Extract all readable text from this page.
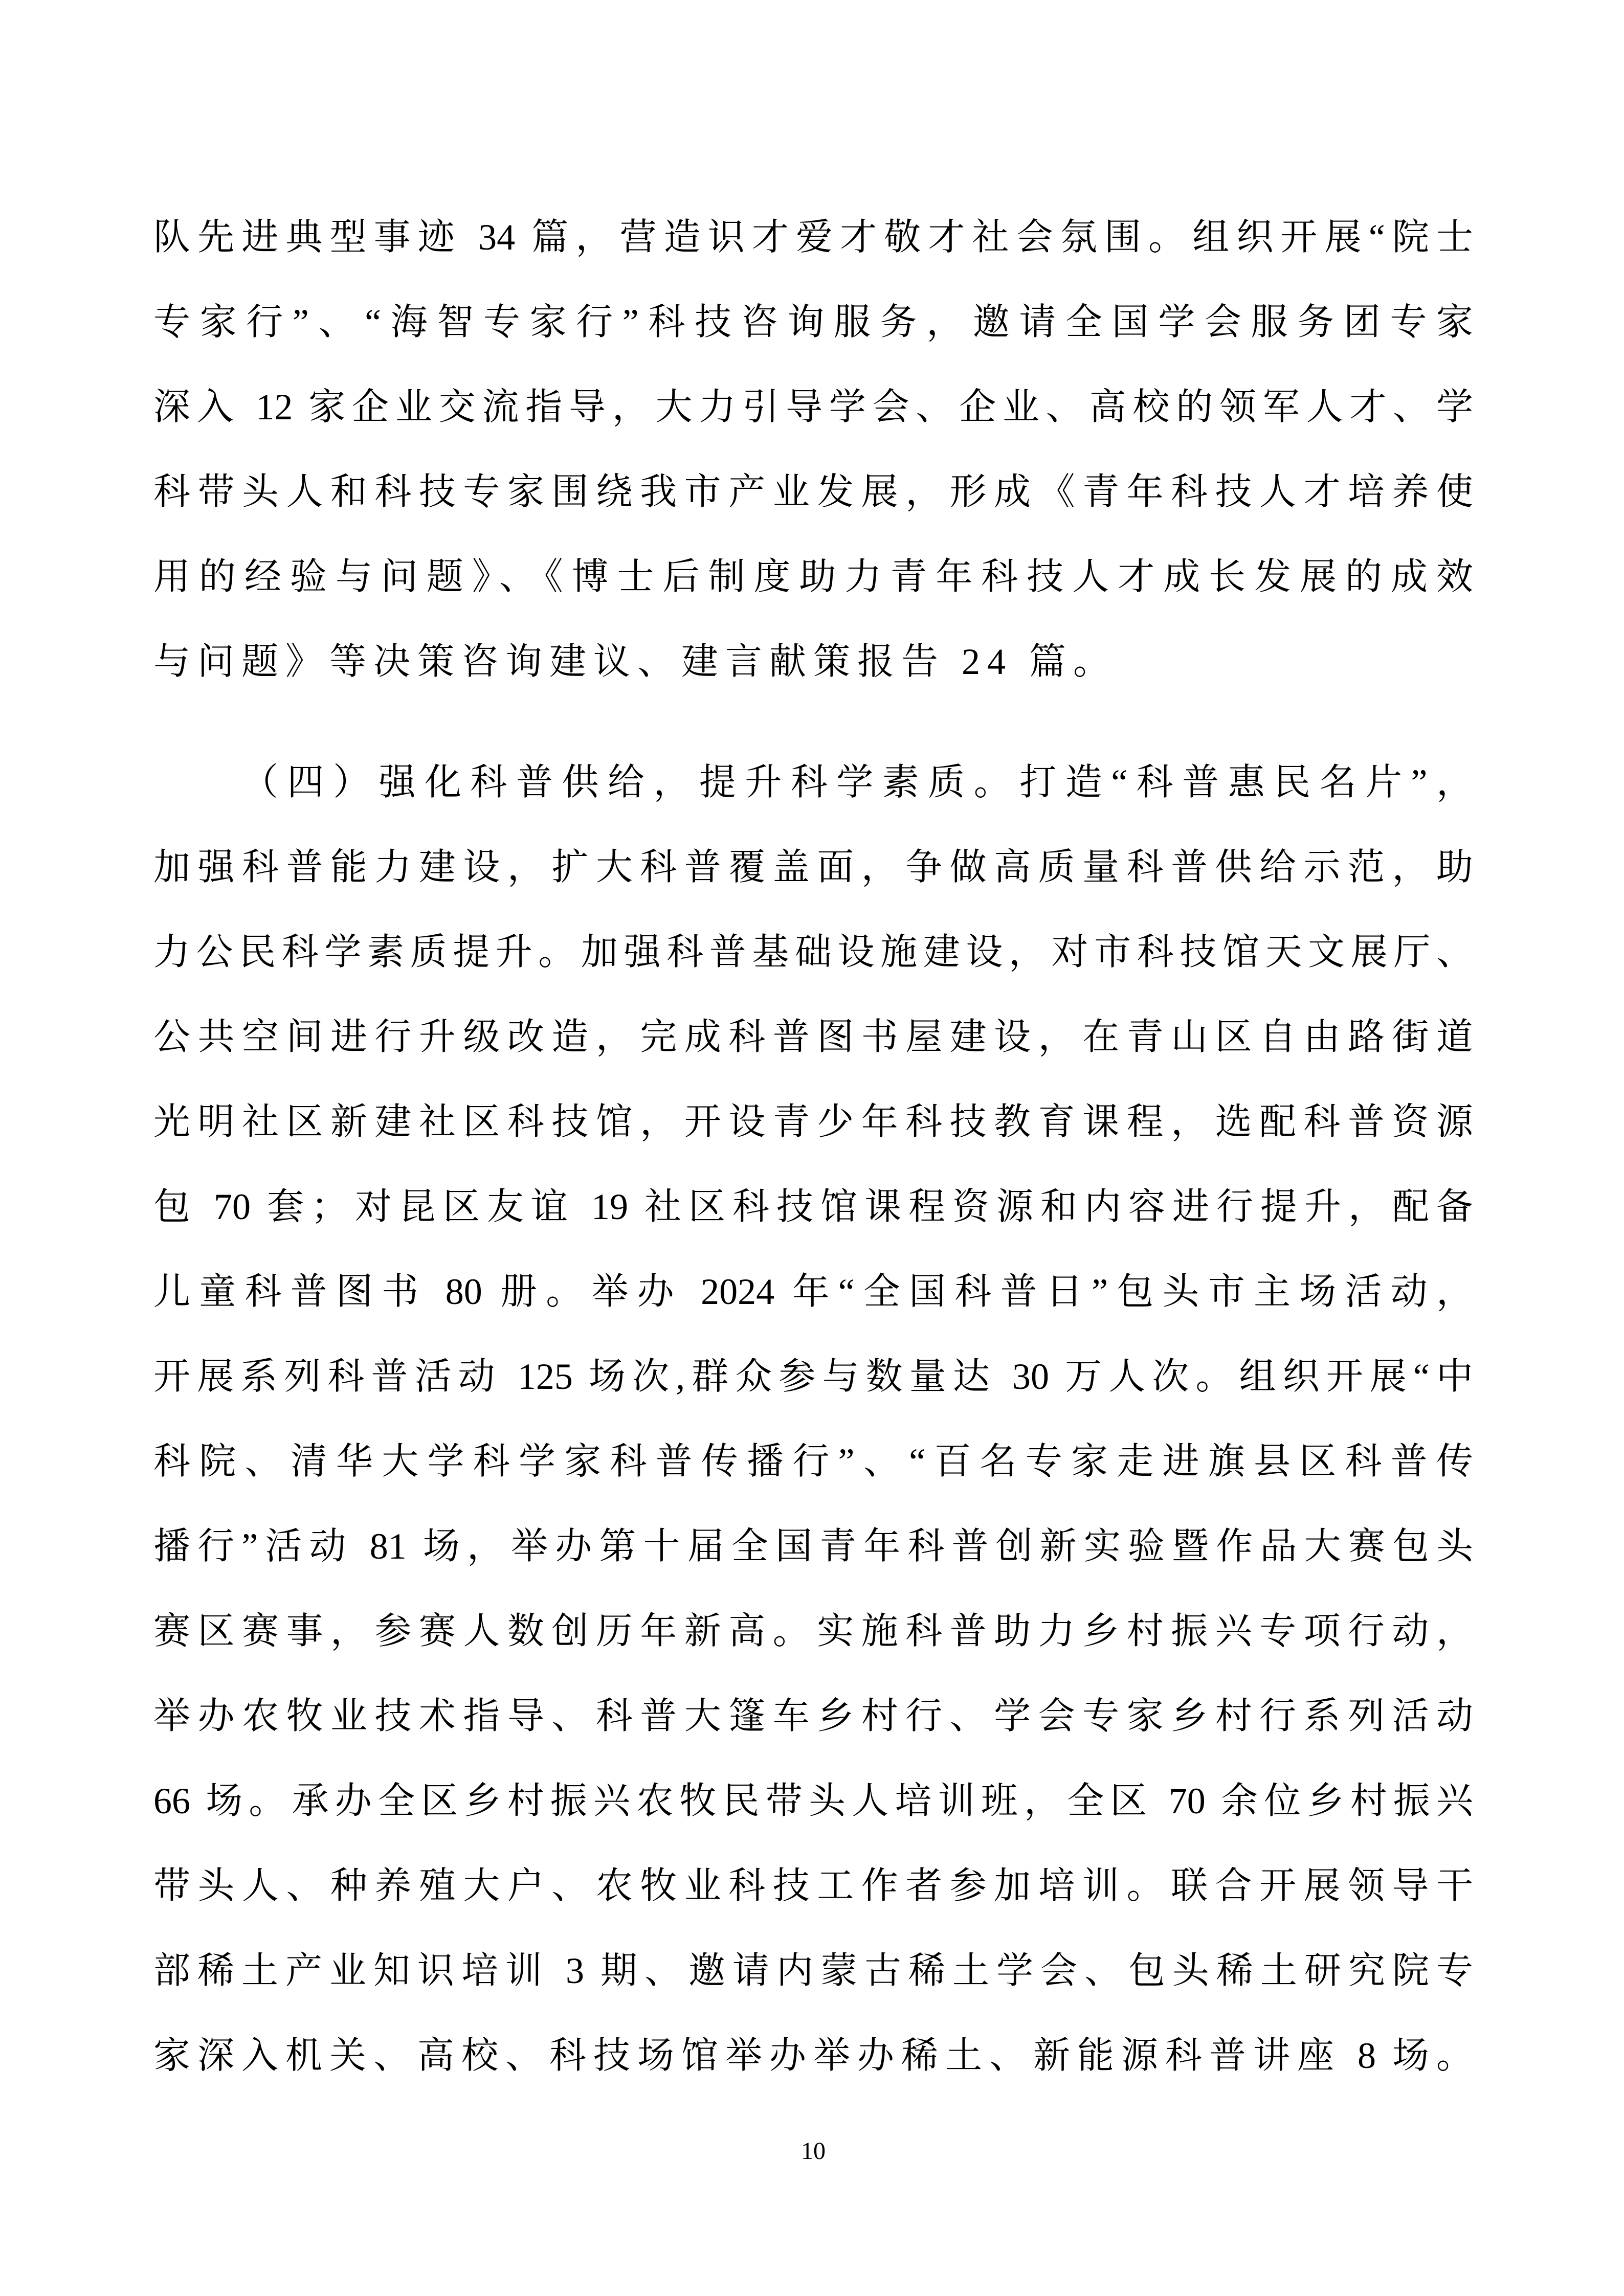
队先进典型事迹 34 篇，营造识才爱才敬才社会氛围。组织开展“院士
专家行”、“海智专家行”科技咨询服务，邀请全国学会服务团专家
深入 12 家企业交流指导，大力引导学会、企业、高校的领军人才、学
科带头人和科技专家围绕我市产业发展，形成《青年科技人才培养使
用的经验与问题》、《博士后制度助力青年科技人才成长发展的成效
与问题》等决策咨询建议、建言献策报告 24 篇。
（四）强化科普供给，提升科学素质。打造“科普惠民名片”，
加强科普能力建设，扩大科普覆盖面，争做高质量科普供给示范，助
力公民科学素质提升。加强科普基础设施建设，对市科技馆天文展厅、
公共空间进行升级改造，完成科普图书屋建设，在青山区自由路街道
光明社区新建社区科技馆，开设青少年科技教育课程，选配科普资源
包 70 套；对昆区友谊 19 社区科技馆课程资源和内容进行提升，配备
儿童科普图书 80 册。举办 2024 年“全国科普日”包头市主场活动，
开展系列科普活动 125 场次,群众参与数量达 30 万人次。组织开展“中
科院、清华大学科学家科普传播行”、“百名专家走进旗县区科普传
播行”活动 81 场，举办第十届全国青年科普创新实验暨作品大赛包头
赛区赛事，参赛人数创历年新高。实施科普助力乡村振兴专项行动，
举办农牧业技术指导、科普大篷车乡村行、学会专家乡村行系列活动
66 场。承办全区乡村振兴农牧民带头人培训班，全区 70 余位乡村振兴
带头人、种养殖大户、农牧业科技工作者参加培训。联合开展领导干
部稀土产业知识培训 3 期、邀请内蒙古稀土学会、包头稀土研究院专
家深入机关、高校、科技场馆举办举办稀土、新能源科普讲座 8 场。
10
